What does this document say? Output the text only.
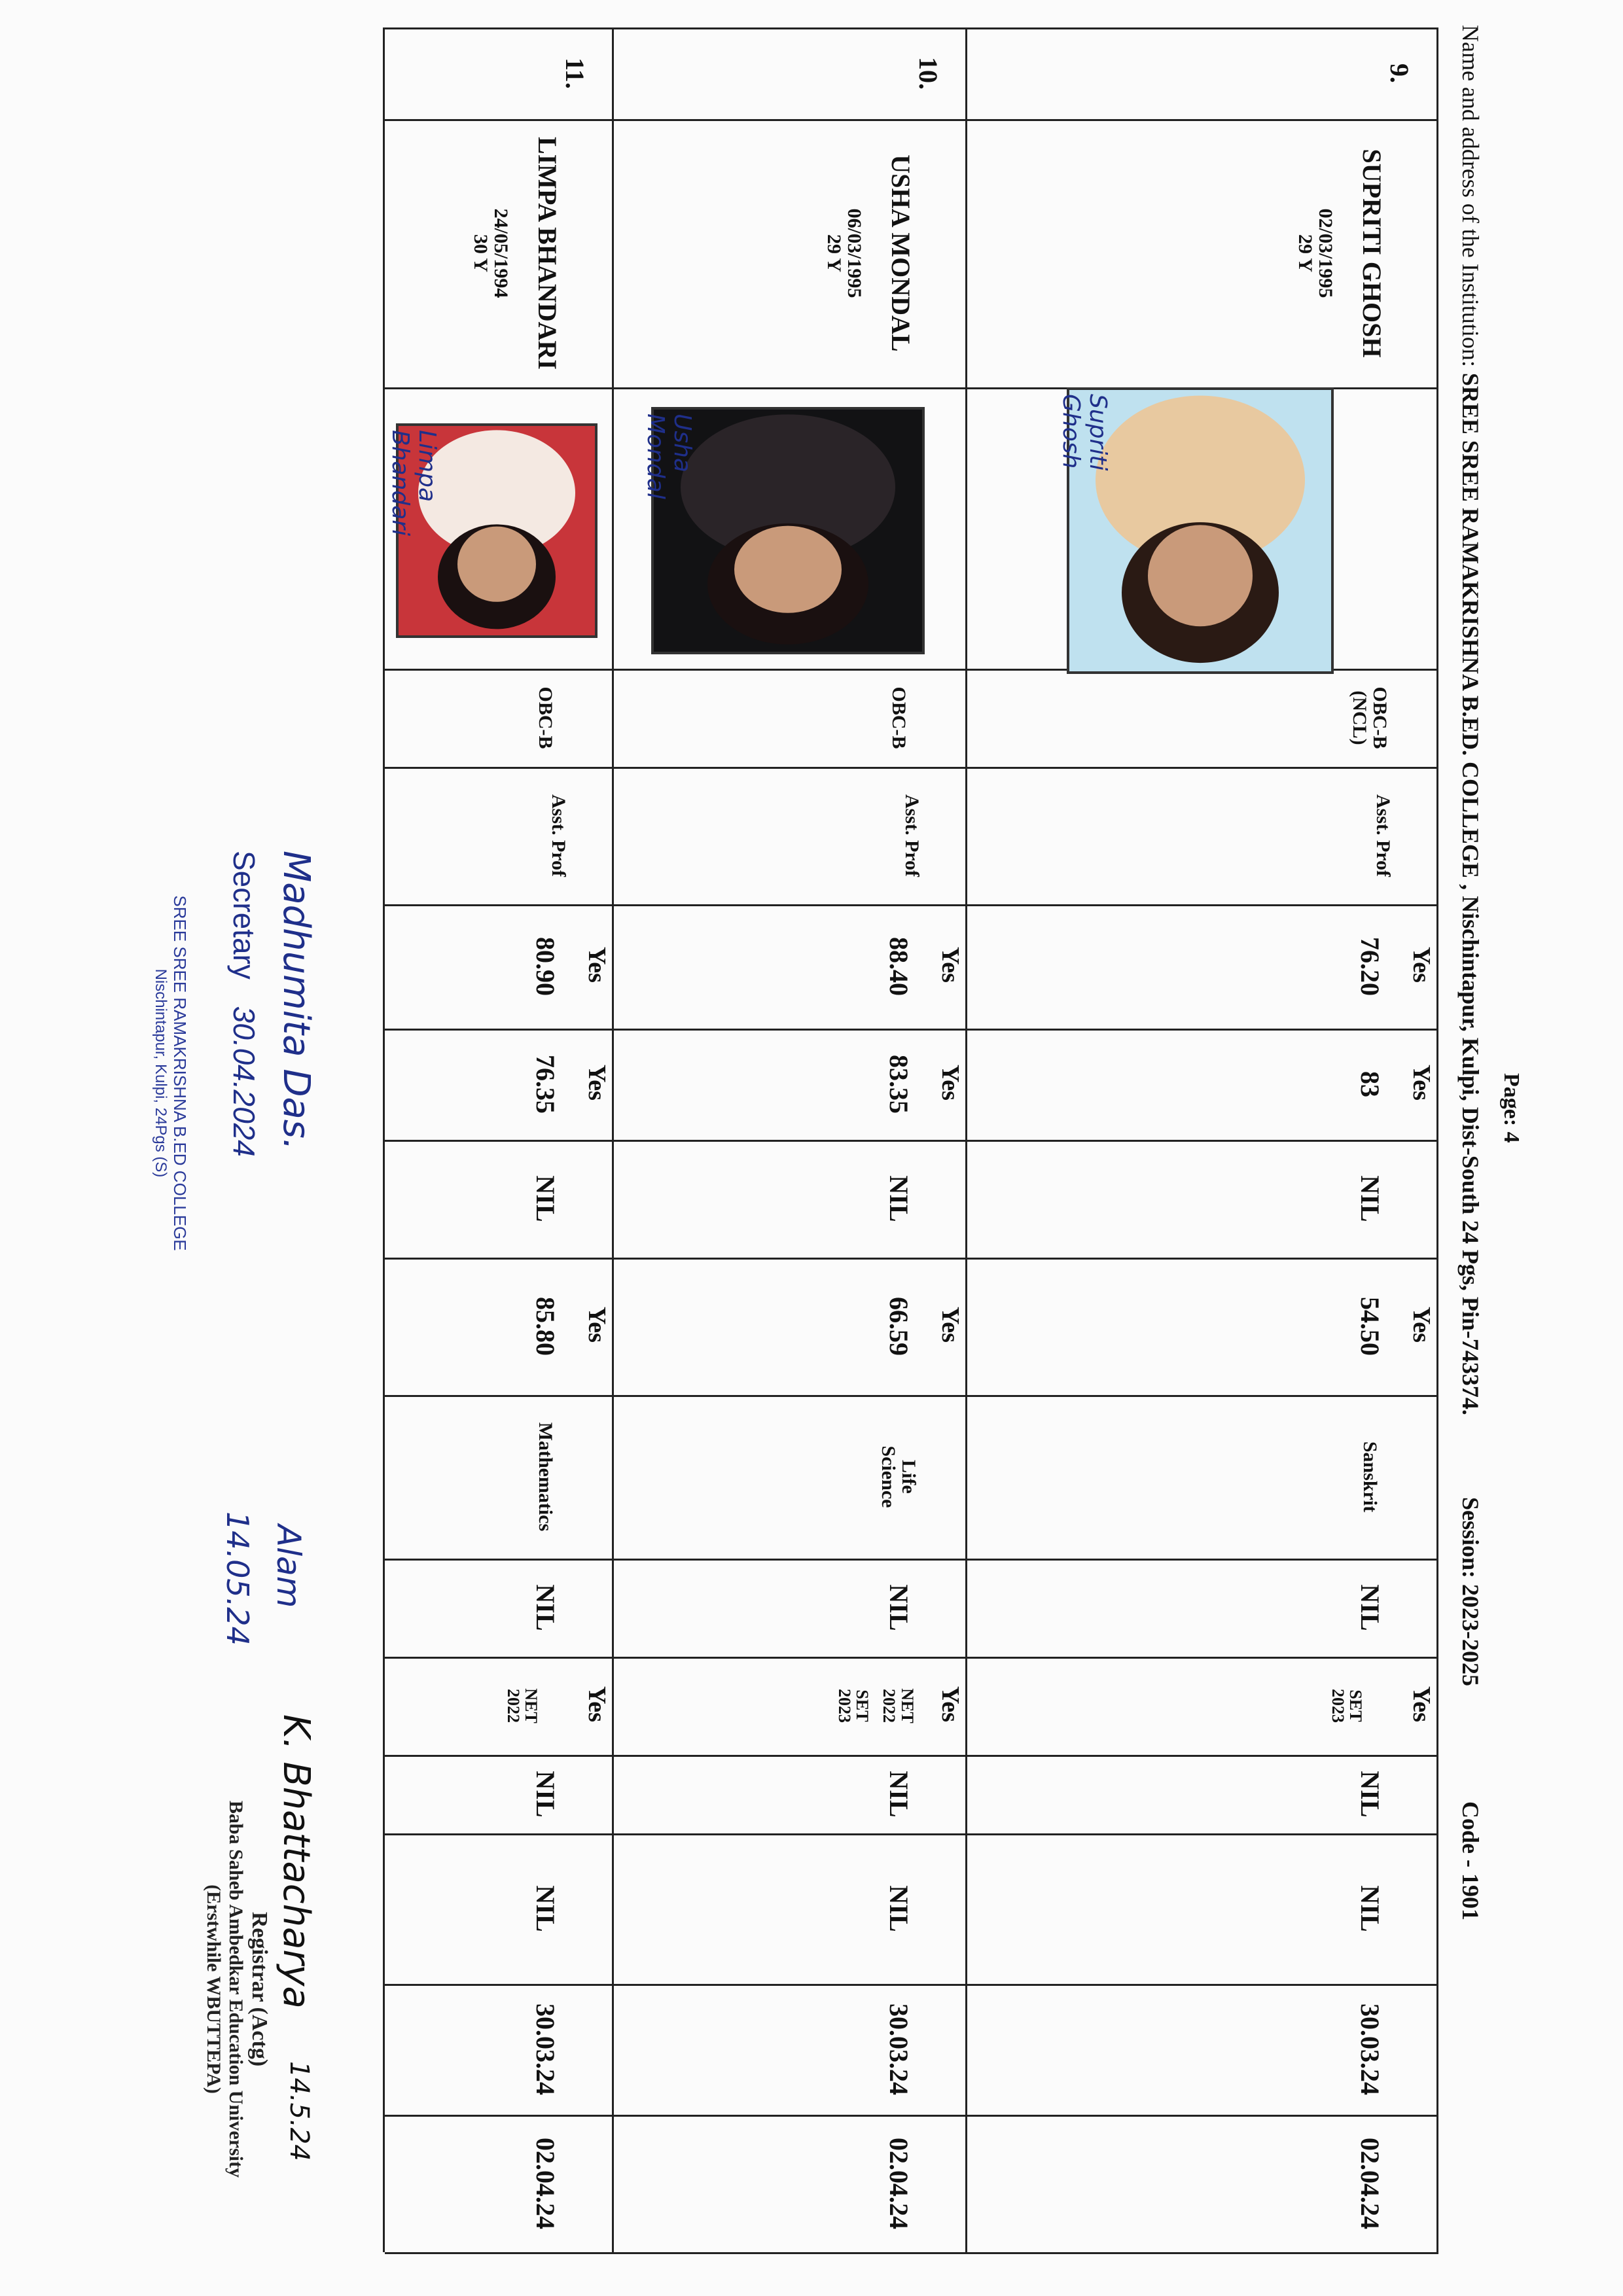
Page: 4
Name and address of the Institution: SREE SREE RAMAKRISHNA B.ED. COLLEGE , Nischintapur, Kulpi, Dist-South 24 Pgs, Pin-743374.
Session: 2023-2025
Code - 1901
9.
SUPRITI GHOSH
02/03/1995
29 Y
Supriti Ghosh
OBC-B
(NCL)
Asst. Prof
Yes
76.20
Yes
83
NIL
Yes
54.50
Sanskrit
NIL
Yes
SET
2023
NIL
NIL
30.03.24
02.04.24
10.
USHA MONDAL
06/03/1995
29 Y
Usha Mondal
OBC-B
Asst. Prof
Yes
88.40
Yes
83.35
NIL
Yes
66.59
Life
Science
NIL
Yes
NET
2022
SET
2023
NIL
NIL
30.03.24
02.04.24
11.
LIMPA BHANDARI
24/05/1994
30 Y
Limpa Bhandari
OBC-B
Asst. Prof
Yes
80.90
Yes
76.35
NIL
Yes
85.80
Mathematics
NIL
Yes
NET
2022
NIL
NIL
30.03.24
02.04.24
Madhumita Das.
Secretary 30.04.2024
SREE SREE RAMAKRISHNA B.ED COLLEGE
Nischintapur, Kulpi, 24Pgs (S)
Alam
14.05.24
K. Bhattacharya
14.5.24
Registrar (Actg)
Baba Saheb Ambedkar Education University
(Erstwhile WBUTTEPA)
